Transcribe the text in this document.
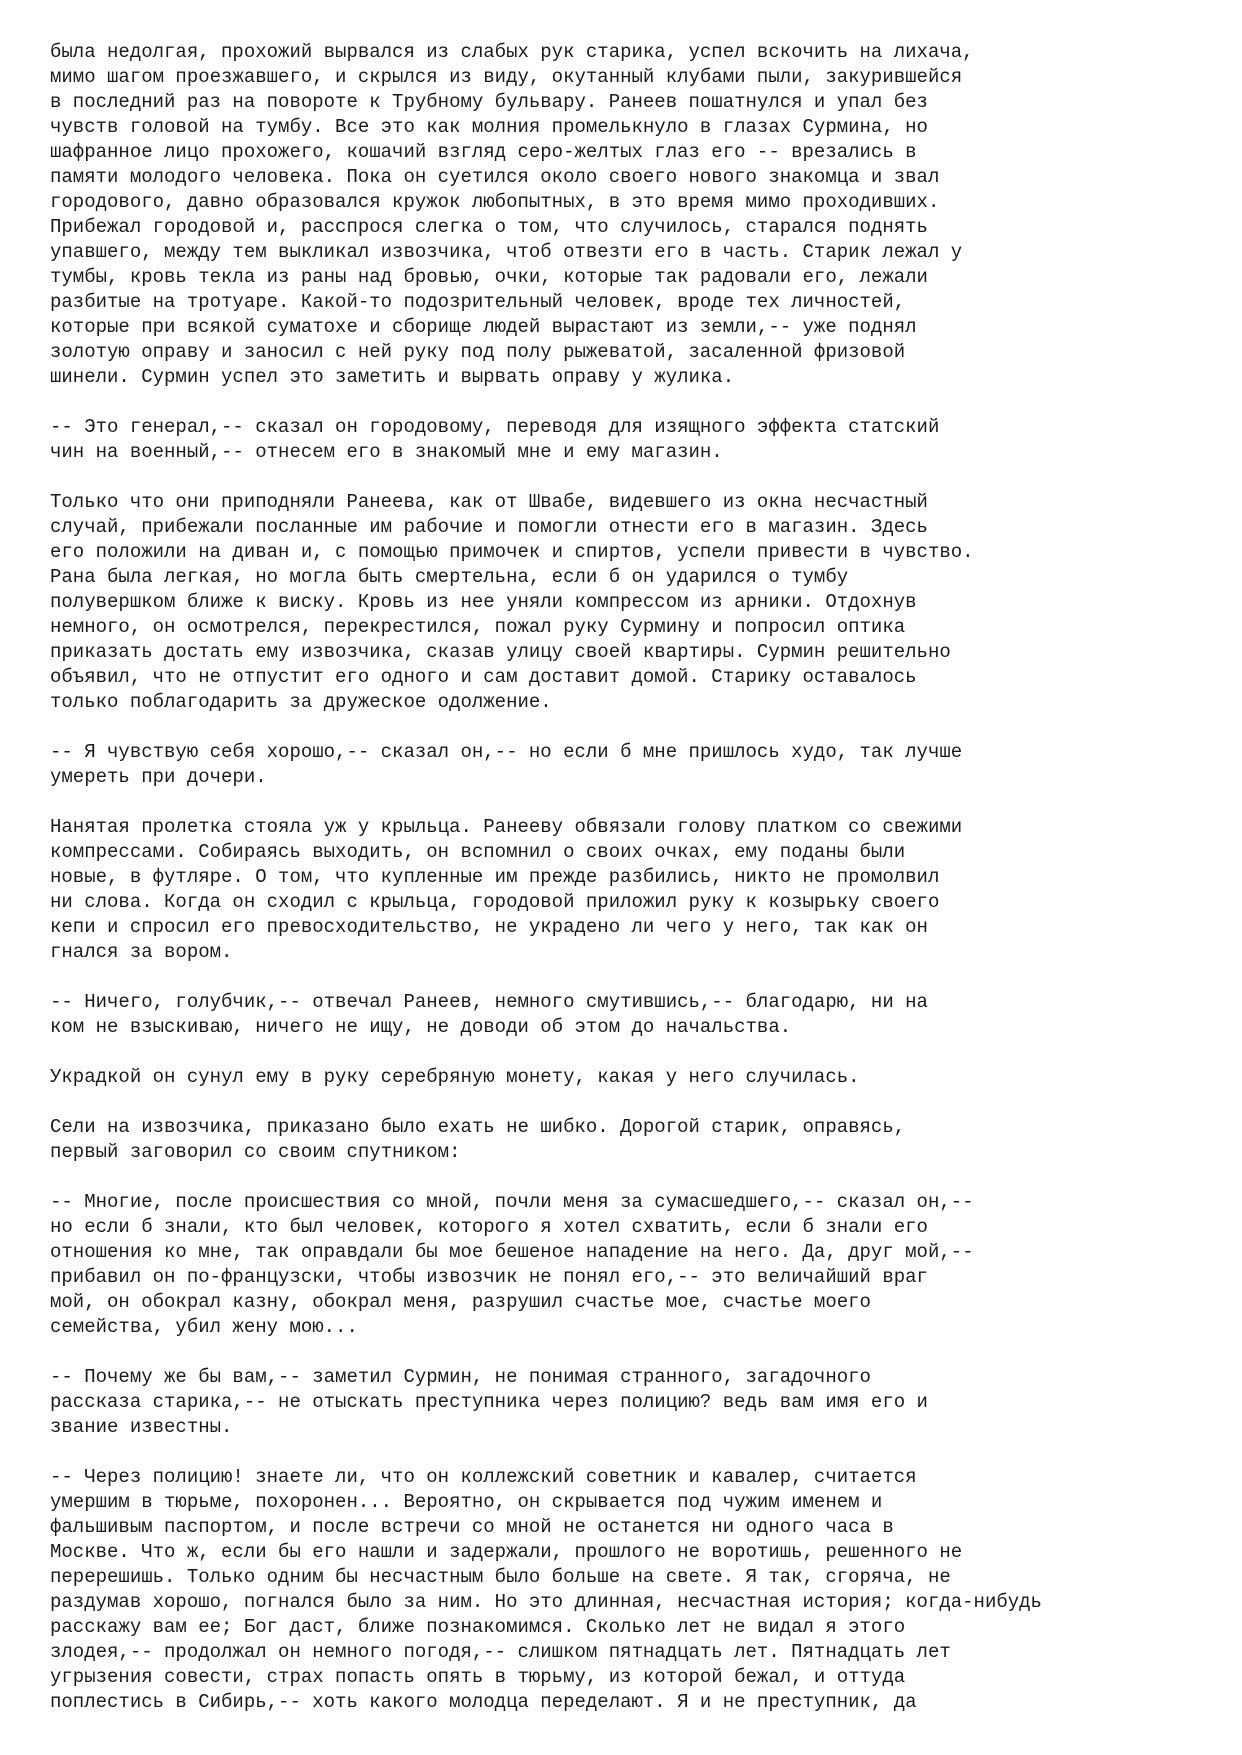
была недолгая, прохожий вырвался из слабых рук старика, успел вскочить на лихача,
мимо шагом проезжавшего, и скрылся из виду, окутанный клубами пыли, закурившейся
в последний раз на повороте к Трубному бульвару. Ранеев пошатнулся и упал без
чувств головой на тумбу. Все это как молния промелькнуло в глазах Сурмина, но
шафранное лицо прохожего, кошачий взгляд серо-желтых глаз его -- врезались в
памяти молодого человека. Пока он суетился около своего нового знакомца и звал
городового, давно образовался кружок любопытных, в это время мимо проходивших.
Прибежал городовой и, расспрося слегка о том, что случилось, старался поднять
упавшего, между тем выкликал извозчика, чтоб отвезти его в часть. Старик лежал у
тумбы, кровь текла из раны над бровью, очки, которые так радовали его, лежали
разбитые на тротуаре. Какой-то подозрительный человек, вроде тех личностей,
которые при всякой суматохе и сборище людей вырастают из земли,-- уже поднял
золотую оправу и заносил с ней руку под полу рыжеватой, засаленной фризовой
шинели. Сурмин успел это заметить и вырвать оправу у жулика.
-- Это генерал,-- сказал он городовому, переводя для изящного эффекта статский
чин на военный,-- отнесем его в знакомый мне и ему магазин.
Только что они приподняли Ранеева, как от Швабе, видевшего из окна несчастный
случай, прибежали посланные им рабочие и помогли отнести его в магазин. Здесь
его положили на диван и, с помощью примочек и спиртов, успели привести в чувство.
Рана была легкая, но могла быть смертельна, если б он ударился о тумбу
полувершком ближе к виску. Кровь из нее уняли компрессом из арники. Отдохнув
немного, он осмотрелся, перекрестился, пожал руку Сурмину и попросил оптика
приказать достать ему извозчика, сказав улицу своей квартиры. Сурмин решительно
объявил, что не отпустит его одного и сам доставит домой. Старику оставалось
только поблагодарить за дружеское одолжение.
-- Я чувствую себя хорошо,-- сказал он,-- но если б мне пришлось худо, так лучше
умереть при дочери.
Нанятая пролетка стояла уж у крыльца. Ранееву обвязали голову платком со свежими
компрессами. Собираясь выходить, он вспомнил о своих очках, ему поданы были
новые, в футляре. О том, что купленные им прежде разбились, никто не промолвил
ни слова. Когда он сходил с крыльца, городовой приложил руку к козырьку своего
кепи и спросил его превосходительство, не украдено ли чего у него, так как он
гнался за вором.
-- Ничего, голубчик,-- отвечал Ранеев, немного смутившись,-- благодарю, ни на
ком не взыскиваю, ничего не ищу, не доводи об этом до начальства.
Украдкой он сунул ему в руку серебряную монету, какая у него случилась.
Сели на извозчика, приказано было ехать не шибко. Дорогой старик, оправясь,
первый заговорил со своим спутником:
-- Многие, после происшествия со мной, почли меня за сумасшедшего,-- сказал он,--
но если б знали, кто был человек, которого я хотел схватить, если б знали его
отношения ко мне, так оправдали бы мое бешеное нападение на него. Да, друг мой,--
прибавил он по-французски, чтобы извозчик не понял его,-- это величайший враг
мой, он обокрал казну, обокрал меня, разрушил счастье мое, счастье моего
семейства, убил жену мою...
-- Почему же бы вам,-- заметил Сурмин, не понимая странного, загадочного
рассказа старика,-- не отыскать преступника через полицию? ведь вам имя его и
звание известны.
-- Через полицию! знаете ли, что он коллежский советник и кавалер, считается
умершим в тюрьме, похоронен... Вероятно, он скрывается под чужим именем и
фальшивым паспортом, и после встречи со мной не останется ни одного часа в
Москве. Что ж, если бы его нашли и задержали, прошлого не воротишь, решенного не
перерешишь. Только одним бы несчастным было больше на свете. Я так, сгоряча, не
раздумав хорошо, погнался было за ним. Но это длинная, несчастная история; когда-нибудь
расскажу вам ее; Бог даст, ближе познакомимся. Сколько лет не видал я этого
злодея,-- продолжал он немного погодя,-- слишком пятнадцать лет. Пятнадцать лет
угрызения совести, страх попасть опять в тюрьму, из которой бежал, и оттуда
поплестись в Сибирь,-- хоть какого молодца переделают. Я и не преступник, да
